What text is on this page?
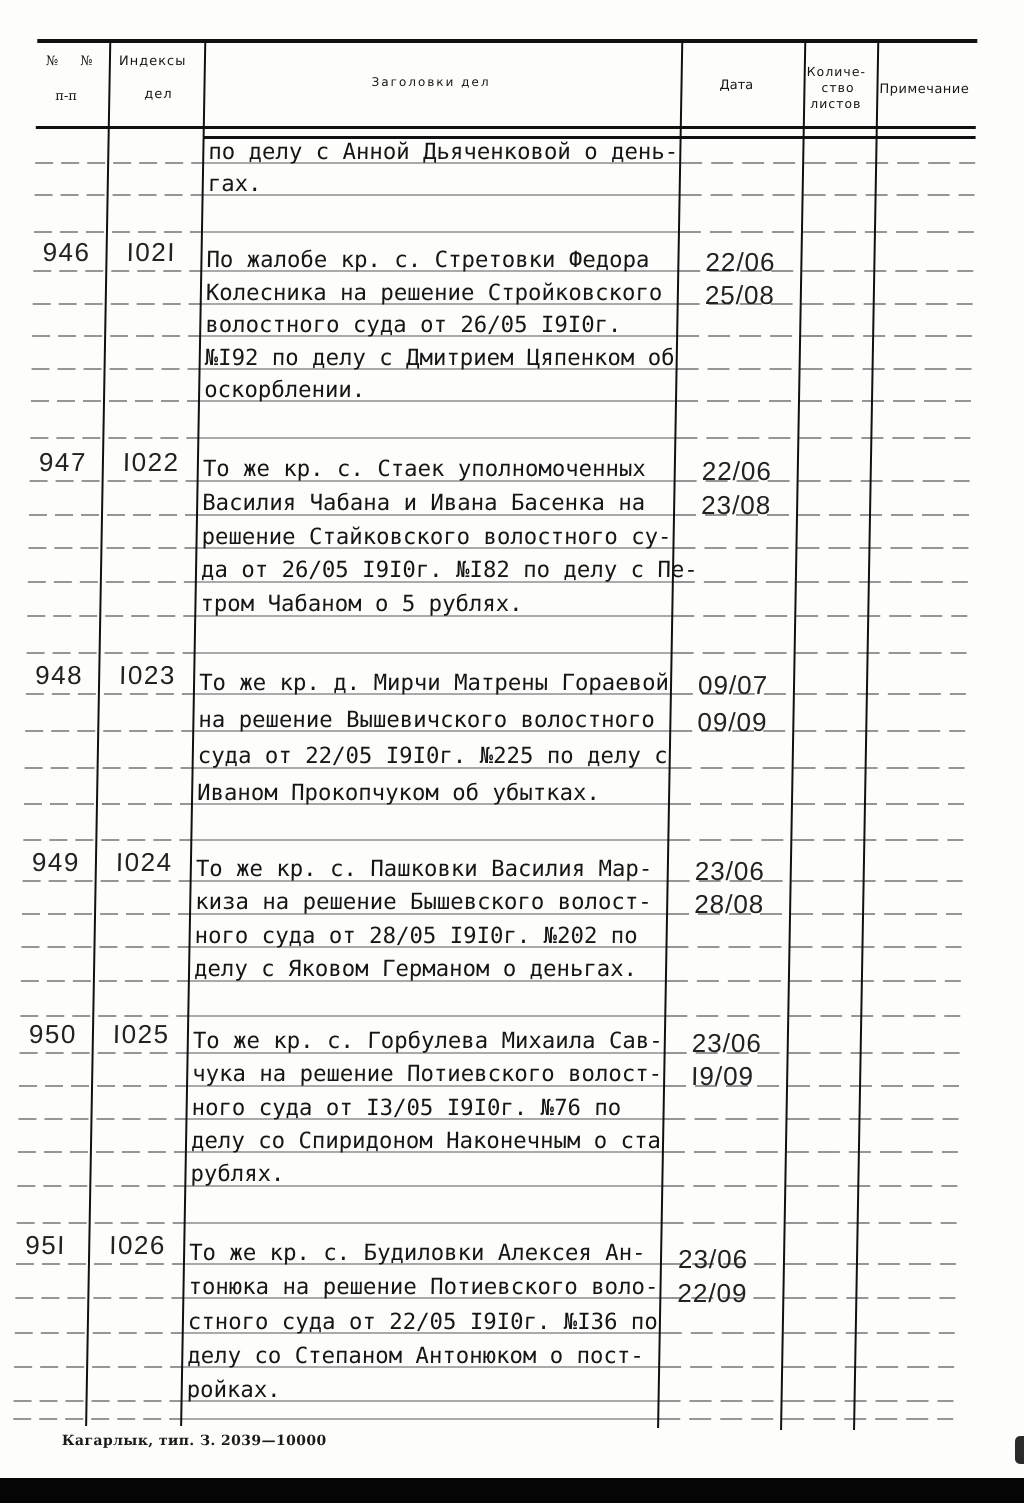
№ №
п-п
Индексы
дел
Заголовки дел	Дата
Количе-
ство
листов
Примечание
по делу с Анной Дьяченковой о день-
гах.
946 I02I По жалобе кр. с. Стретовки Федора
Колесника на решение Стройковского
волостного суда от 26/05 I9I0г.
№I92 по делу с Дмитрием Цяпенком об
оскорблении.
22/06
25/08
947 I022 То же кр. с. Стаек уполномоченных
Василия Чабана и Ивана Басенка на
решение Стайковского волостного су-
да от 26/05 I9I0г. №I82 по делу с Пе-
тром Чабаном о 5 рублях.
22/06
23/08
948 I023 То же кр. д. Мирчи Матрены Гораевой
на решение Вышевичского волостного
суда от 22/05 I9I0г. №225 по делу с
Иваном Прокопчуком об убытках.
09/07
09/09
949 I024 То же кр. с. Пашковки Василия Мар-
киза на решение Бышевского волост-
ного суда от 28/05 I9I0г. №202 по
делу с Яковом Германом о деньгах.
23/06
28/08
950 I025 То же кр. с. Горбулева Михаила Сав-
чука на решение Потиевского волост-
ного суда от I3/05 I9I0г. №76 по
делу со Спиридоном Наконечным о ста
рублях.
23/06
I9/09
95I I026 То же кр. с. Будиловки Алексея Ан-
тонюка на решение Потиевского воло-
стного суда от 22/05 I9I0г. №I36 по
делу со Степаном Антонюком о пост-
ройках.
23/06
22/09
Кагарлык, тип. З. 2039—10000
